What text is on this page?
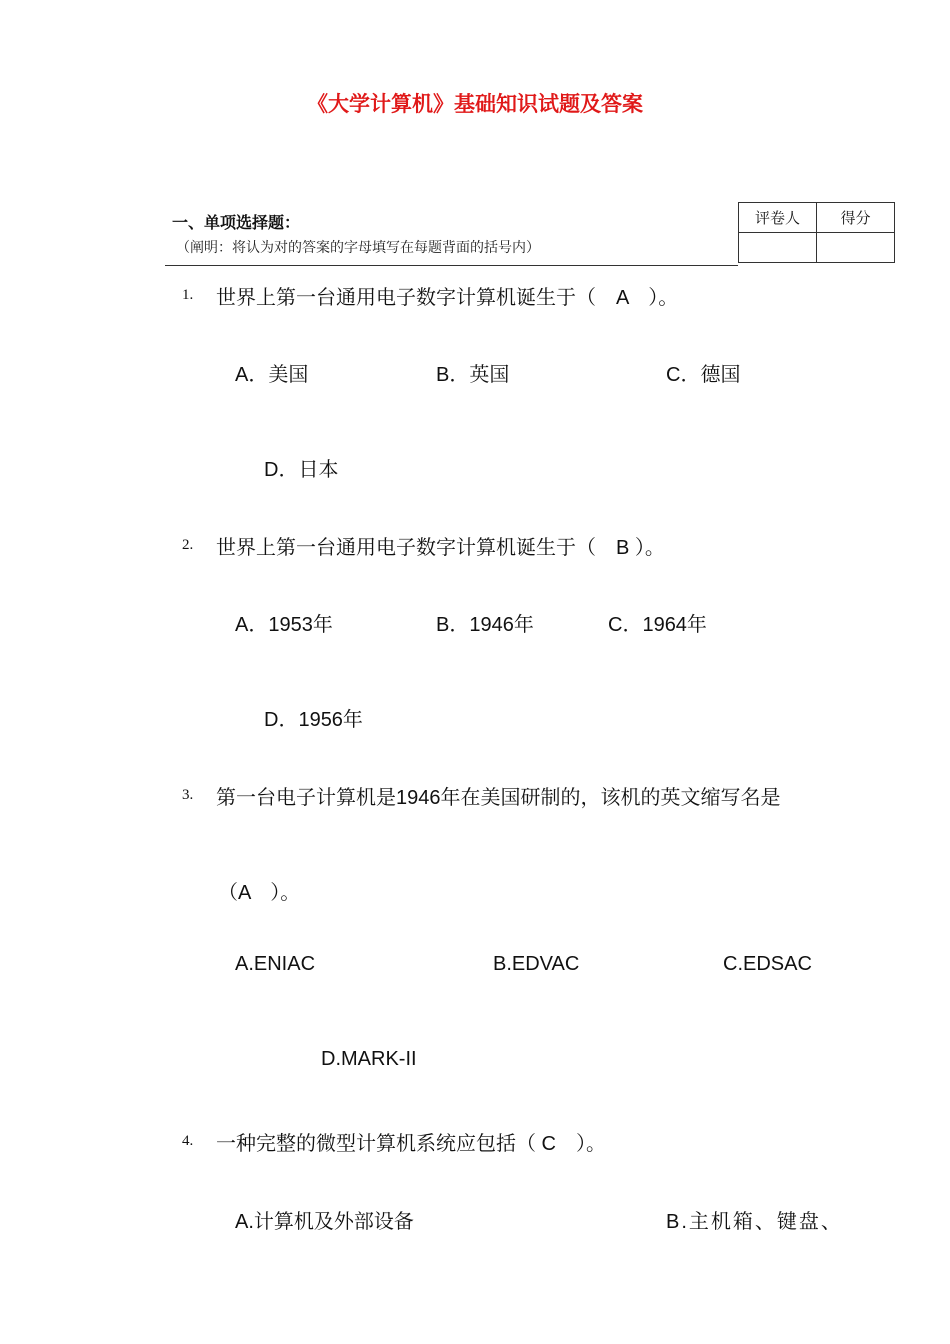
《大学计算机》基础知识试题及答案
一、单项选择题：
（阐明：将认为对的答案的字母填写在每题背面的括号内）
评卷人	得分

1. 世界上第一台通用电子数字计算机诞生于（　A　）。
A．美国	B．英国	C．德国
D．日本
2. 世界上第一台通用电子数字计算机诞生于（　B ）。
A．1953年	B．1946年	C．1964年
D．1956年
3. 第一台电子计算机是1946年在美国研制的，该机的英文缩写名是
（A　）。
A.ENIAC	B.EDVAC	C.EDSAC
D.MARK-II
4. 一种完整的微型计算机系统应包括（ C　）。
A.计算机及外部设备	B.主机箱、键盘、
